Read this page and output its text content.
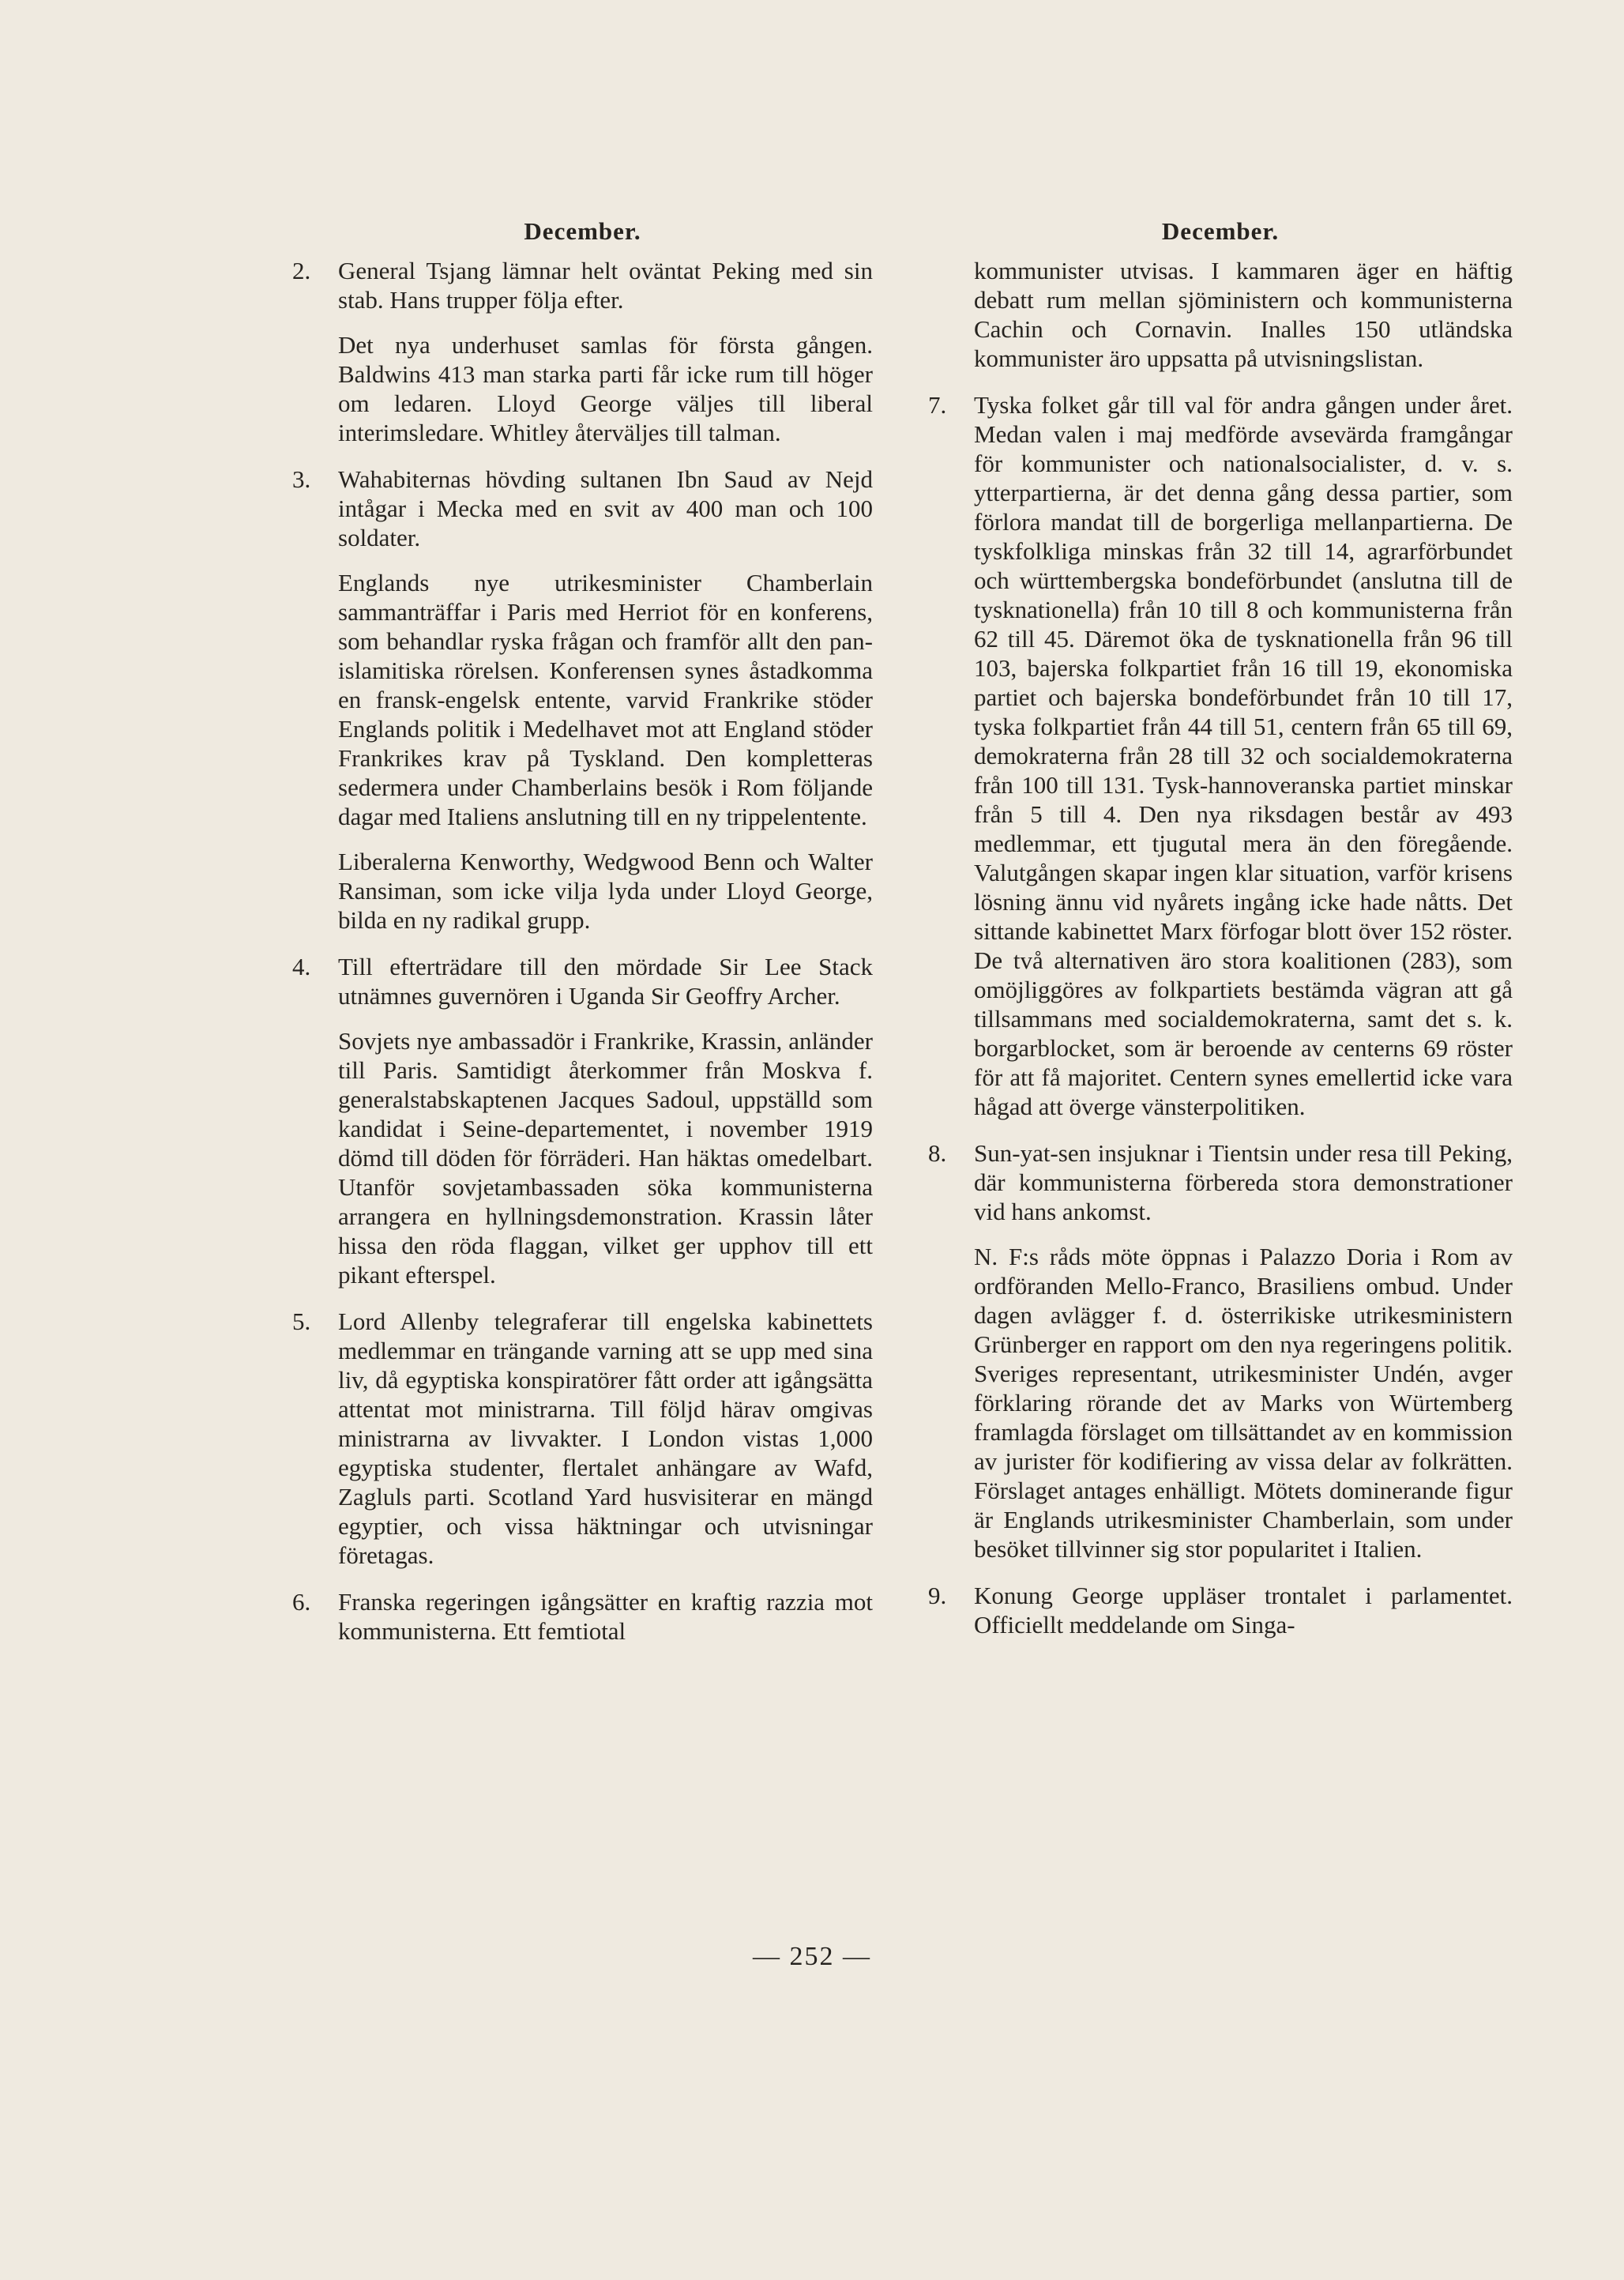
December.
2.	General Tsjang lämnar helt oväntat Peking med sin stab. Hans trupper följa efter.

Det nya underhuset samlas för första gången. Baldwins 413 man starka parti får icke rum till höger om ledaren. Lloyd George väljes till liberal interimsledare. Whitley återväljes till talman.

3.	Wahabiternas hövding sultanen Ibn Saud av Nejd intågar i Mecka med en svit av 400 man och 100 soldater.

Englands nye utrikesminister Chamberlain sammanträffar i Paris med Herriot för en konferens, som behandlar ryska frågan och framför allt den pan-islamitiska rörelsen. Konferensen synes åstadkomma en fransk-engelsk entente, varvid Frankrike stöder Englands politik i Medelhavet mot att England stöder Frankrikes krav på Tyskland. Den kompletteras sedermera under Chamberlains besök i Rom följande dagar med Italiens anslutning till en ny trippelentente.

Liberalerna Kenworthy, Wedgwood Benn och Walter Ransiman, som icke vilja lyda under Lloyd George, bilda en ny radikal grupp.

4.	Till efterträdare till den mördade Sir Lee Stack utnämnes guvernören i Uganda Sir Geoffry Archer.

Sovjets nye ambassadör i Frankrike, Krassin, anländer till Paris. Samtidigt återkommer från Moskva f. generalstabskaptenen Jacques Sadoul, uppställd som kandidat i Seine-departementet, i november 1919 dömd till döden för förräderi. Han häktas omedelbart. Utanför sovjetambassaden söka kommunisterna arrangera en hyllningsdemonstration. Krassin låter hissa den röda flaggan, vilket ger upphov till ett pikant efterspel.

5.	Lord Allenby telegraferar till engelska kabinettets medlemmar en trängande varning att se upp med sina liv, då egyptiska konspiratörer fått order att igångsätta attentat mot ministrarna. Till följd härav omgivas ministrarna av livvakter. I London vistas 1,000 egyptiska studenter, flertalet anhängare av Wafd, Zagluls parti. Scotland Yard husvisiterar en mängd egyptier, och vissa häktningar och utvisningar företagas.

6.	Franska regeringen igångsätter en kraftig razzia mot kommunisterna. Ett femtiotal

December.

kommunister utvisas. I kammaren äger en häftig debatt rum mellan sjöministern och kommunisterna Cachin och Cornavin. Inalles 150 utländska kommunister äro uppsatta på utvisningslistan.

7.	Tyska folket går till val för andra gången under året. Medan valen i maj medförde avsevärda framgångar för kommunister och nationalsocialister, d. v. s. ytterpartierna, är det denna gång dessa partier, som förlora mandat till de borgerliga mellanpartierna. De tyskfolkliga minskas från 32 till 14, agrarförbundet och württembergska bondeförbundet (anslutna till de tysknationella) från 10 till 8 och kommunisterna från 62 till 45. Däremot öka de tysknationella från 96 till 103, bajerska folkpartiet från 16 till 19, ekonomiska partiet och bajerska bondeförbundet från 10 till 17, tyska folkpartiet från 44 till 51, centern från 65 till 69, demokraterna från 28 till 32 och socialdemokraterna från 100 till 131. Tysk-hannoveranska partiet minskar från 5 till 4. Den nya riksdagen består av 493 medlemmar, ett tjugutal mera än den föregående. Valutgången skapar ingen klar situation, varför krisens lösning ännu vid nyårets ingång icke hade nåtts. Det sittande kabinettet Marx förfogar blott över 152 röster. De två alternativen äro stora koalitionen (283), som omöjliggöres av folkpartiets bestämda vägran att gå tillsammans med socialdemokraterna, samt det s. k. borgarblocket, som är beroende av centerns 69 röster för att få majoritet. Centern synes emellertid icke vara hågad att överge vänsterpolitiken.

8.	Sun-yat-sen insjuknar i Tientsin under resa till Peking, där kommunisterna förbereda stora demonstrationer vid hans ankomst.

N. F:s råds möte öppnas i Palazzo Doria i Rom av ordföranden Mello-Franco, Brasiliens ombud. Under dagen avlägger f. d. österrikiske utrikesministern Grünberger en rapport om den nya regeringens politik. Sveriges representant, utrikesminister Undén, avger förklaring rörande det av Marks von Würtemberg framlagda förslaget om tillsättandet av en kommission av jurister för kodifiering av vissa delar av folkrätten. Förslaget antages enhälligt. Mötets dominerande figur är Englands utrikesminister Chamberlain, som under besöket tillvinner sig stor popularitet i Italien.

9.	Konung George uppläser trontalet i parlamentet. Officiellt meddelande om Singa-

— 252 —
